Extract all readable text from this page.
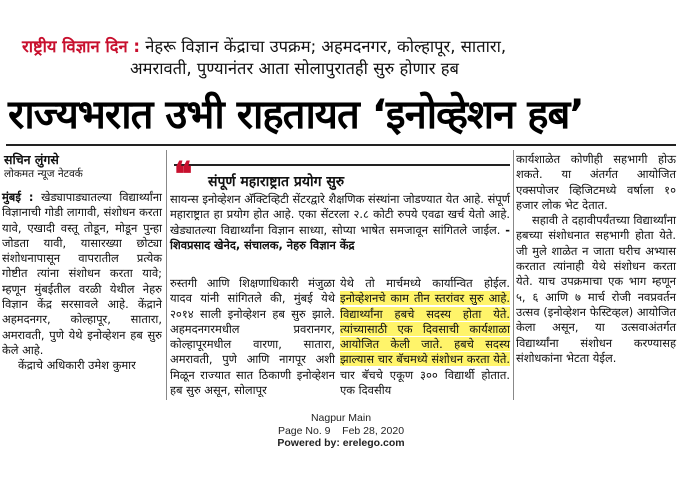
राष्ट्रीय विज्ञान दिन : नेहरू विज्ञान केंद्राचा उपक्रम; अहमदनगर, कोल्हापूर, सातारा,
अमरावती, पुण्यानंतर आता सोलापुरातही सुरु होणार हब
राज्यभरात उभी राहतायत ‘इनोव्हेशन हब’
सचिन लुंगसे
लोकमत न्यूज नेटवर्क

मुंबई : खेड्यापाड्यातल्या विद्यार्थ्यांना विज्ञानाची गोडी लागावी, संशोधन करता यावे, एखादी वस्तू तोडून, मोडून पुन्हा जोडता यावी, यासारख्या छोट्या संशोधनापासून वापरातील प्रत्येक गोष्टीत त्यांना संशोधन करता यावे; म्हणून मुंबईतील वरळी येथील नेहरु विज्ञान केंद्र सरसावले आहे. केंद्राने अहमदनगर, कोल्हापूर, सातारा, अमरावती, पुणे येथे इनोव्हेशन हब सुरु केले आहे.

केंद्राचे अधिकारी उमेश कुमार

❝ संपूर्ण महाराष्ट्रात प्रयोग सुरु
सायन्स इनोव्हेशन अ‍ॅक्टिव्हिटी सेंटरद्वारे शैक्षणिक संस्थांना जोडण्यात येत आहे. संपूर्ण महाराष्ट्रात हा प्रयोग होत आहे. एका सेंटरला २.८ कोटी रुपये एवढा खर्च येतो आहे. खेड्यातल्या विद्यार्थ्यांना विज्ञान साध्या, सोप्या भाषेत समजावून सांगितले जाईल. - शिवप्रसाद खेनेद, संचालक, नेहरु विज्ञान केंद्र

रुस्तगी आणि शिक्षणाधिकारी मंजुळा यादव यांनी सांगितले की, मुंबई येथे २०१४ साली इनोव्हेशन हब सुरु झाले. अहमदनगरमधील प्रवरानगर, कोल्हापूरमधील वारणा, सातारा, अमरावती, पुणे आणि नागपूर अशी मिळून राज्यात सात ठिकाणी इनोव्हेशन हब सुरु असून, सोलापूर

येथे तो मार्चमध्ये कार्यान्वित होईल. इनोव्हेशनचे काम तीन स्तरांवर सुरु आहे. विद्यार्थ्यांना हबचे सदस्य होता येते. त्यांच्यासाठी एक दिवसाची कार्यशाळा आयोजित केली जाते. हबचे सदस्य झाल्यास चार बॅचमध्ये संशोधन करता येते. चार बॅचचे एकूण ३०० विद्यार्थी होतात. एक दिवसीय

कार्यशाळेत कोणीही सहभागी होऊ शकते. या अंतर्गत आयोजित एक्सपोजर व्हिजिटमध्ये वर्षाला १० हजार लोक भेट देतात.

सहावी ते दहावीपर्यंतच्या विद्यार्थ्यांना हबच्या संशोधनात सहभागी होता येते. जी मुले शाळेत न जाता घरीच अभ्यास करतात त्यांनाही येथे संशोधन करता येते. याच उपक्रमाचा एक भाग म्हणून ५, ६ आणि ७ मार्च रोजी नवप्रवर्तन उत्सव (इनोव्हेशन फेस्टिव्हल) आयोजित केला असून, या उत्सवाअंतर्गत विद्यार्थ्यांना संशोधन करण्यासह संशोधकांना भेटता येईल.

Nagpur Main
Page No. 9    Feb 28, 2020
Powered by: erelego.com
